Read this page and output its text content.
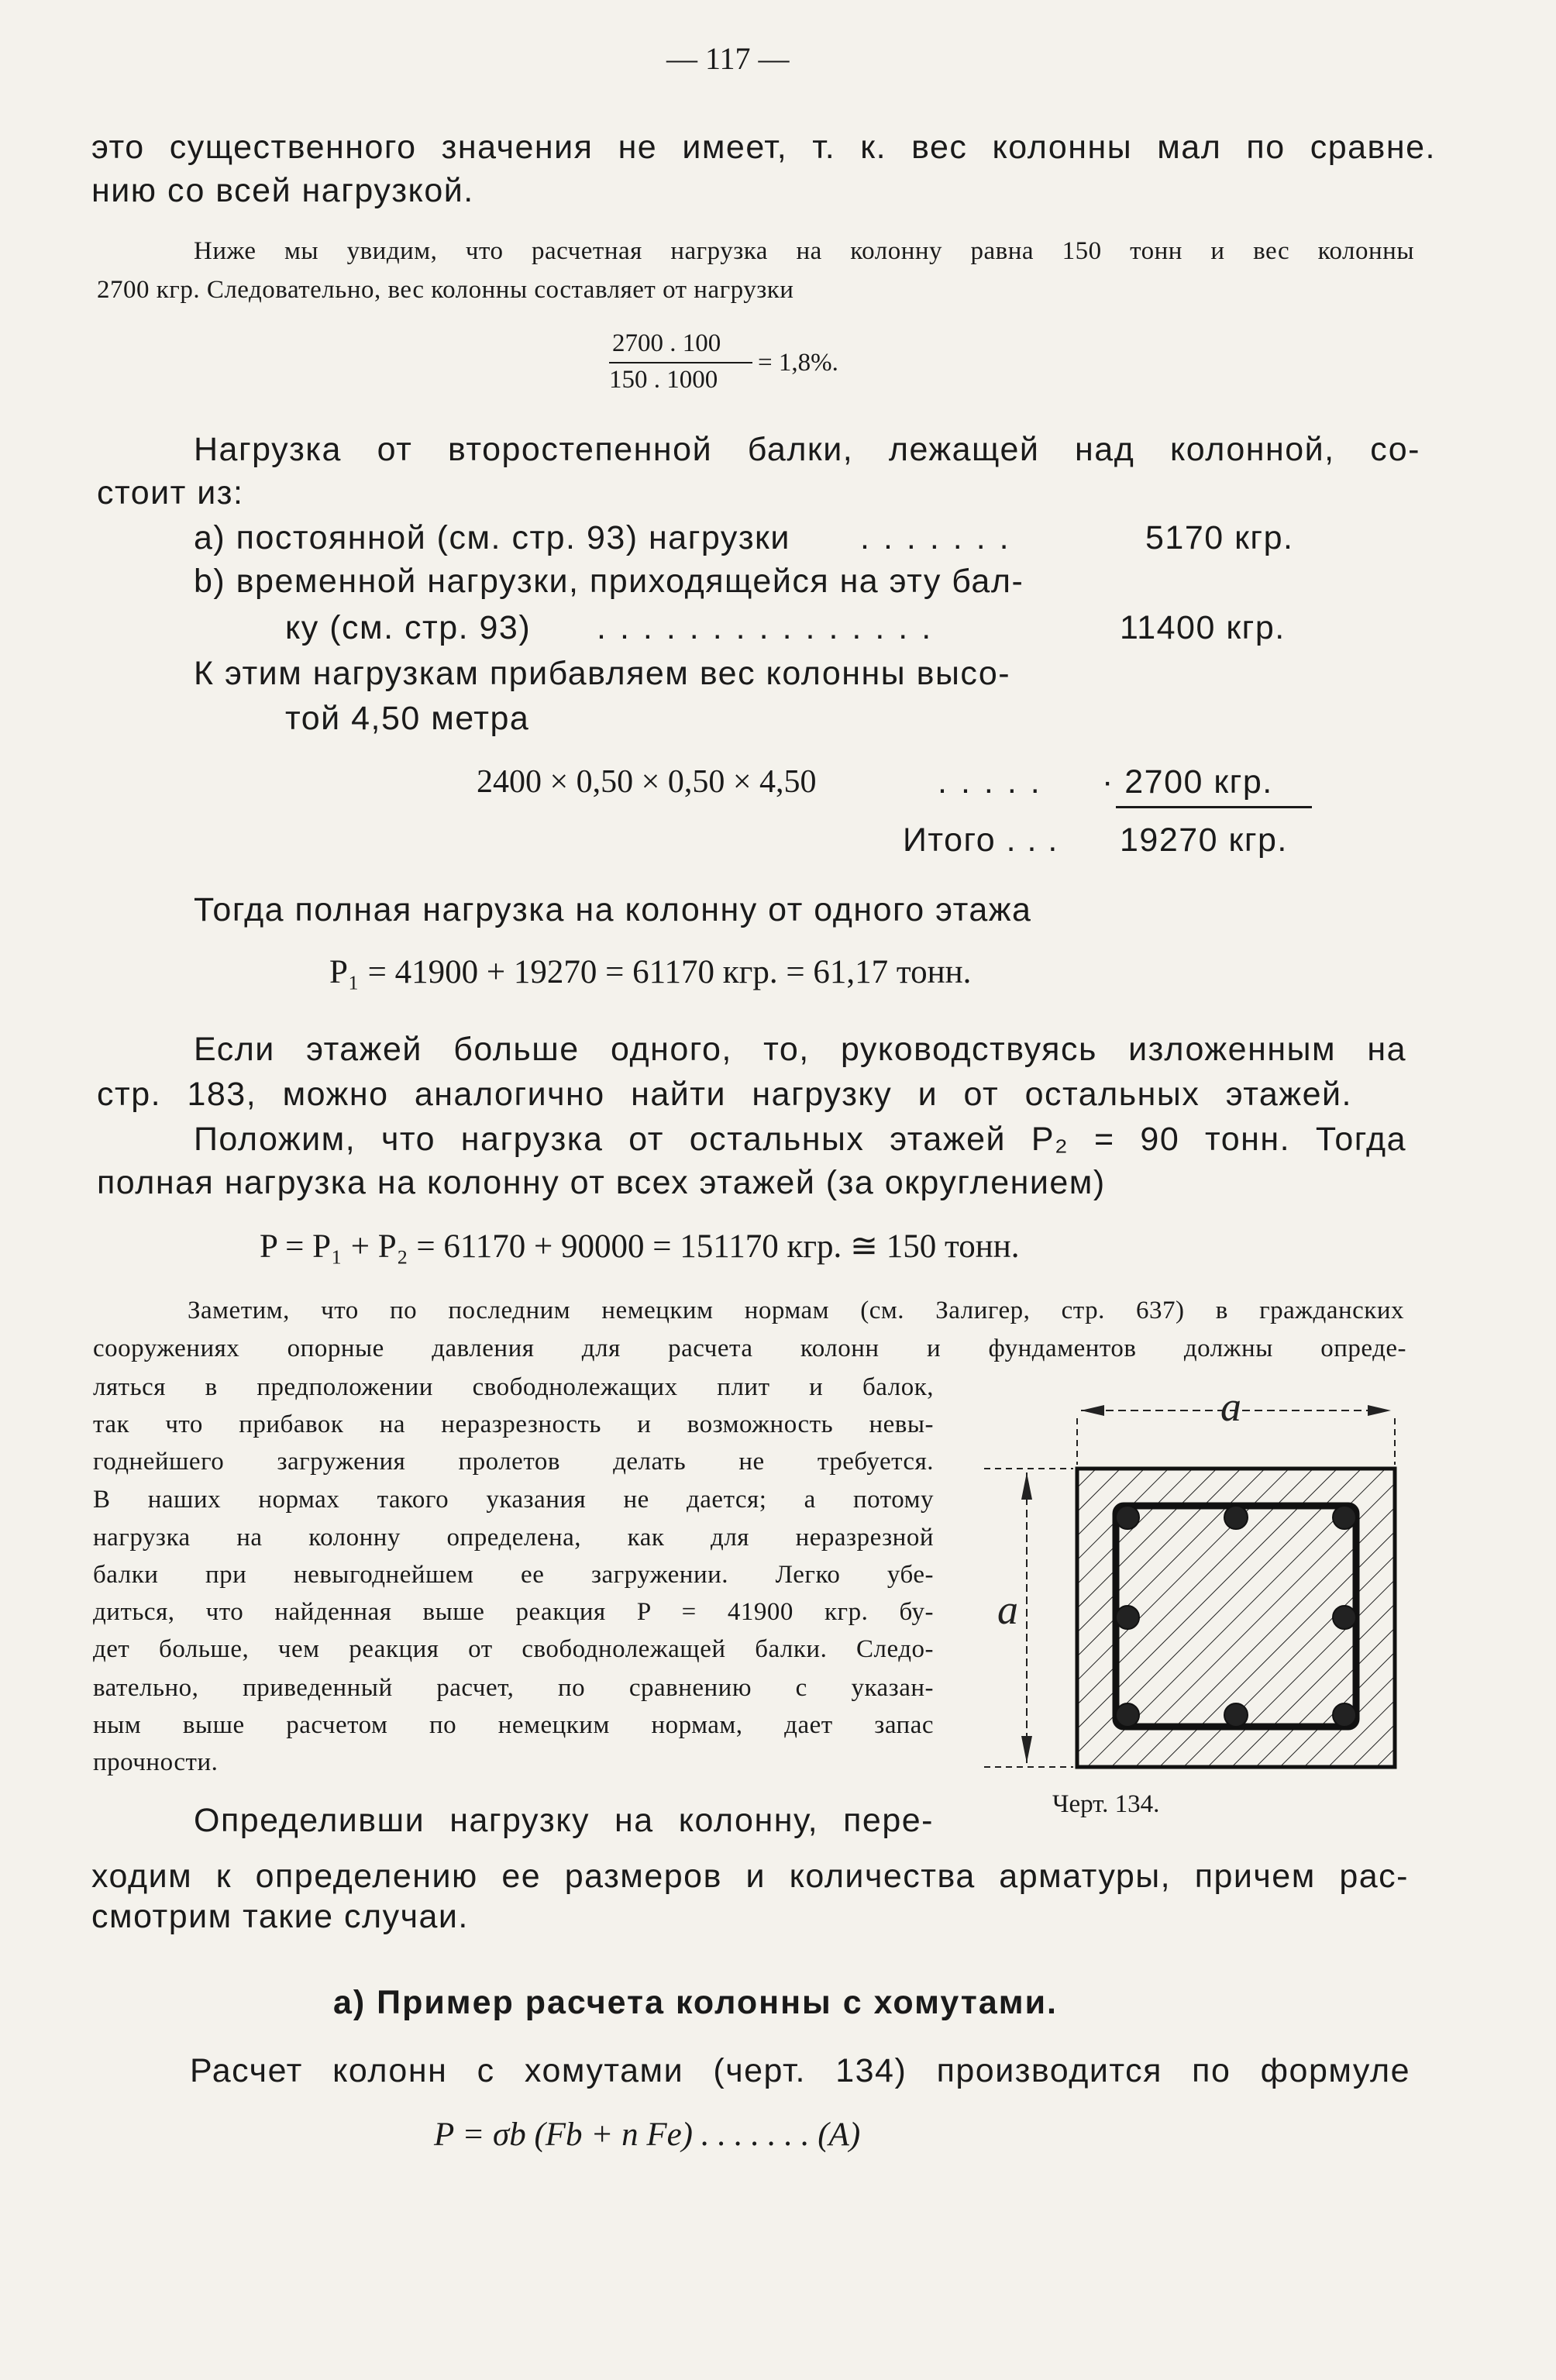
— 117 —
это существенного значения не имеет, т. к. вес колонны мал по сравне.
нию со всей нагрузкой.
Ниже мы увидим, что расчетная нагрузка на колонну равна 150 тонн и вес колонны
2700 кгр. Следовательно, вес колонны составляет от нагрузки
2700 . 100
150 . 1000
= 1,8%.
Нагрузка от второстепенной балки, лежащей над колонной, со-
стоит из:
a) постоянной (см. стр. 93) нагрузки .......	5170 кгр.
b) временной нагрузки, приходящейся на эту бал-
ку (см. стр. 93) ...............	11400 кгр.
К этим нагрузкам прибавляем вес колонны высо-
той 4,50 метра
2400 × 0,50 × 0,50 × 4,50	..... · 2700 кгр.
Итого . . . 19270 кгр.
Тогда полная нагрузка на колонну от одного этажа
P₁ = 41900 + 19270 = 61170 кгр. = 61,17 тонн.
Если этажей больше одного, то, руководствуясь изложенным на
стр. 183, можно аналогично найти нагрузку и от остальных этажей.
Положим, что нагрузка от остальных этажей P₂ = 90 тонн. Тогда
полная нагрузка на колонну от всех этажей (за округлением)
P = P₁ + P₂ = 61170 + 90000 = 151170 кгр. ≅ 150 тонн.
Заметим, что по последним немецким нормам (см. Залигер, стр. 637) в гражданских
сооружениях опорные давления для расчета колонн и фундаментов должны опреде-
ляться в предположении свободнолежащих плит и балок,
так что прибавок на неразрезность и возможность невы-
годнейшего загружения пролетов делать не требуется.
В наших нормах такого указания не дается; а потому
нагрузка на колонну определена, как для неразрезной
балки при невыгоднейшем ее загружении. Легко убе-
диться, что найденная выше реакция P = 41900 кгр. бу-
дет больше, чем реакция от свободнолежащей балки. Следо-
вательно, приведенный расчет, по сравнению с указан-
ным выше расчетом по немецким нормам, дает запас
прочности.
a
a
Черт. 134.
Определивши нагрузку на колонну, пере-
ходим к определению ее размеров и количества арматуры, причем рас-
смотрим такие случаи.
a) Пример расчета колонны с хомутами.
Расчет колонн с хомутами (черт. 134) производится по формуле
P = σb (Fb + n Fe) . . . . . . . (A)
